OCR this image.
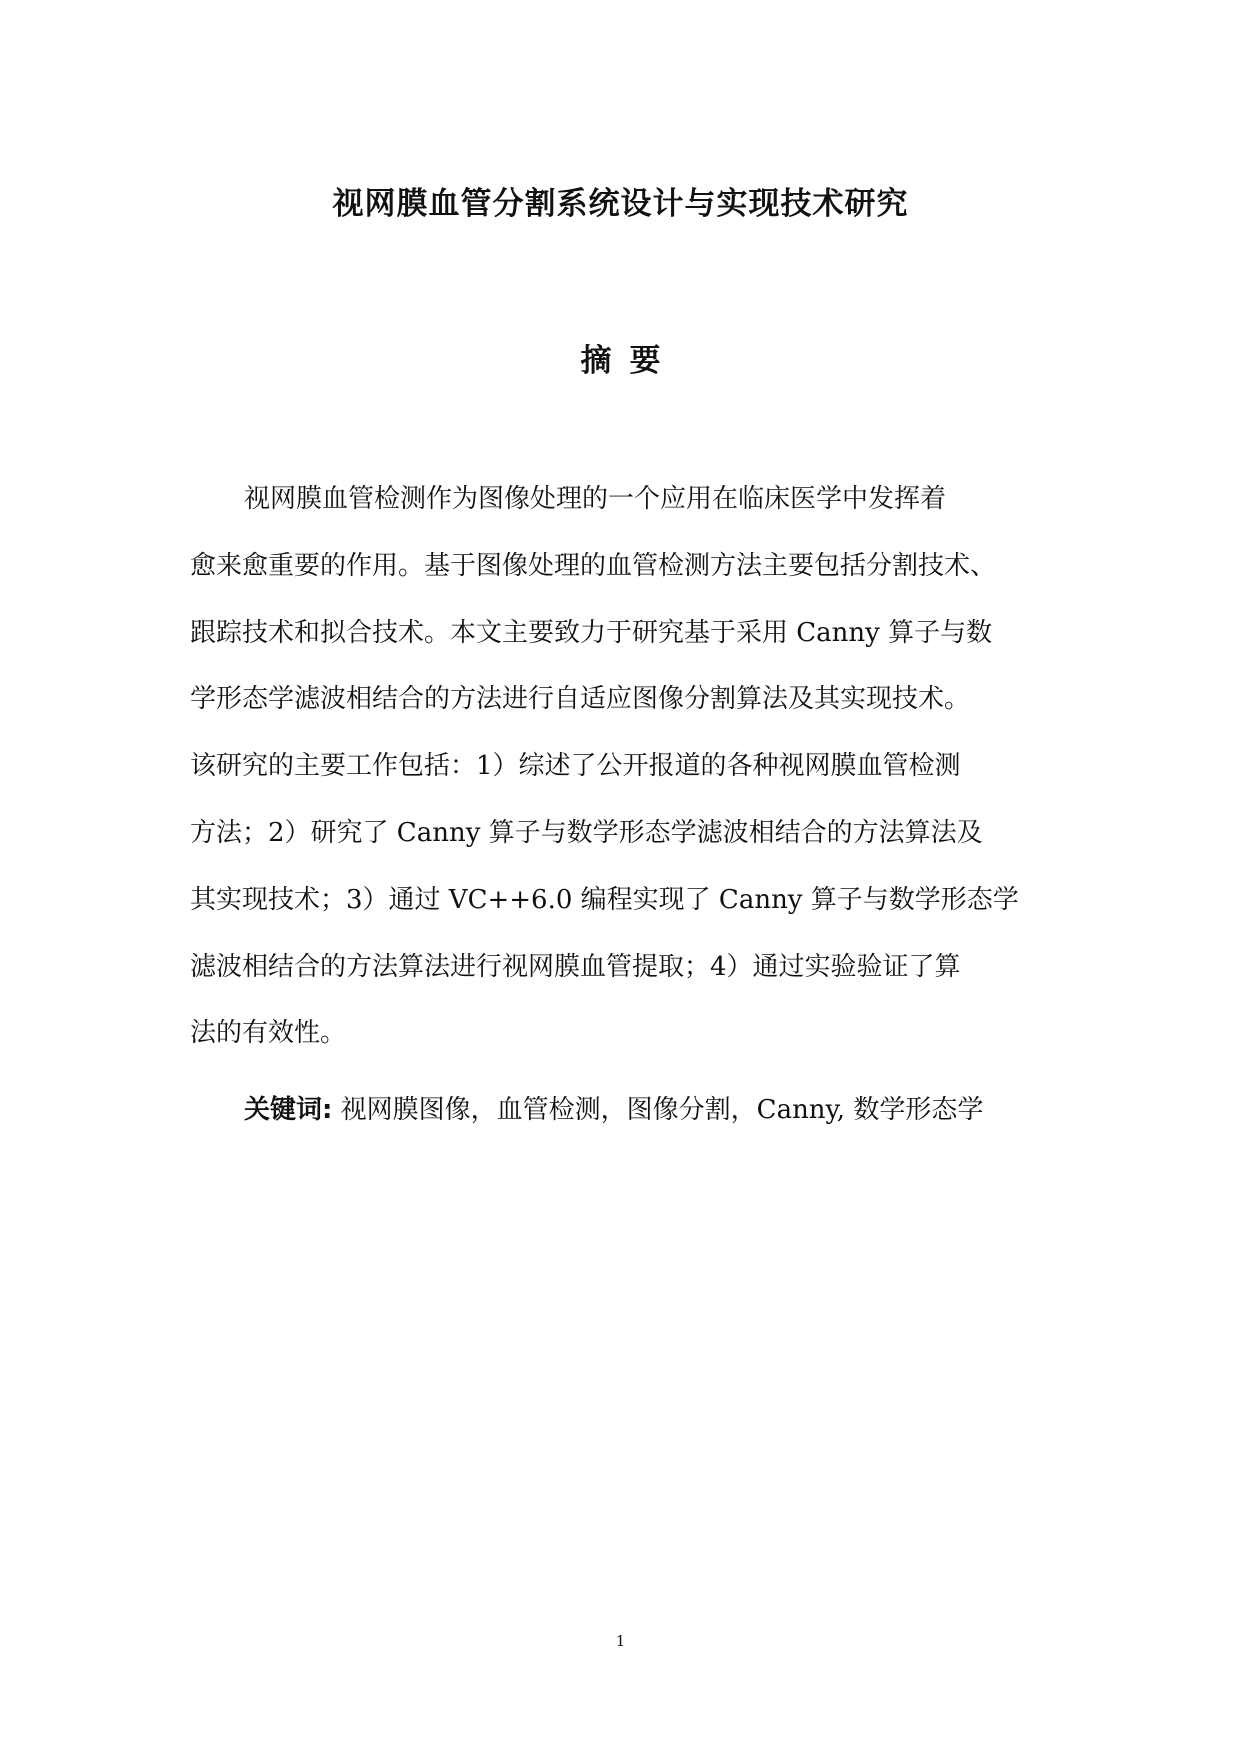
视网膜血管分割系统设计与实现技术研究
摘要
视网膜血管检测作为图像处理的一个应用在临床医学中发挥着
愈来愈重要的作用。基于图像处理的血管检测方法主要包括分割技术、
跟踪技术和拟合技术。本文主要致力于研究基于采用 Canny 算子与数
学形态学滤波相结合的方法进行自适应图像分割算法及其实现技术。
该研究的主要工作包括：1）综述了公开报道的各种视网膜血管检测
方法；2）研究了 Canny 算子与数学形态学滤波相结合的方法算法及
其实现技术；3）通过 VC++6.0 编程实现了 Canny 算子与数学形态学
滤波相结合的方法算法进行视网膜血管提取；4）通过实验验证了算
法的有效性。
关键词: 视网膜图像，血管检测，图像分割，Canny, 数学形态学
1
